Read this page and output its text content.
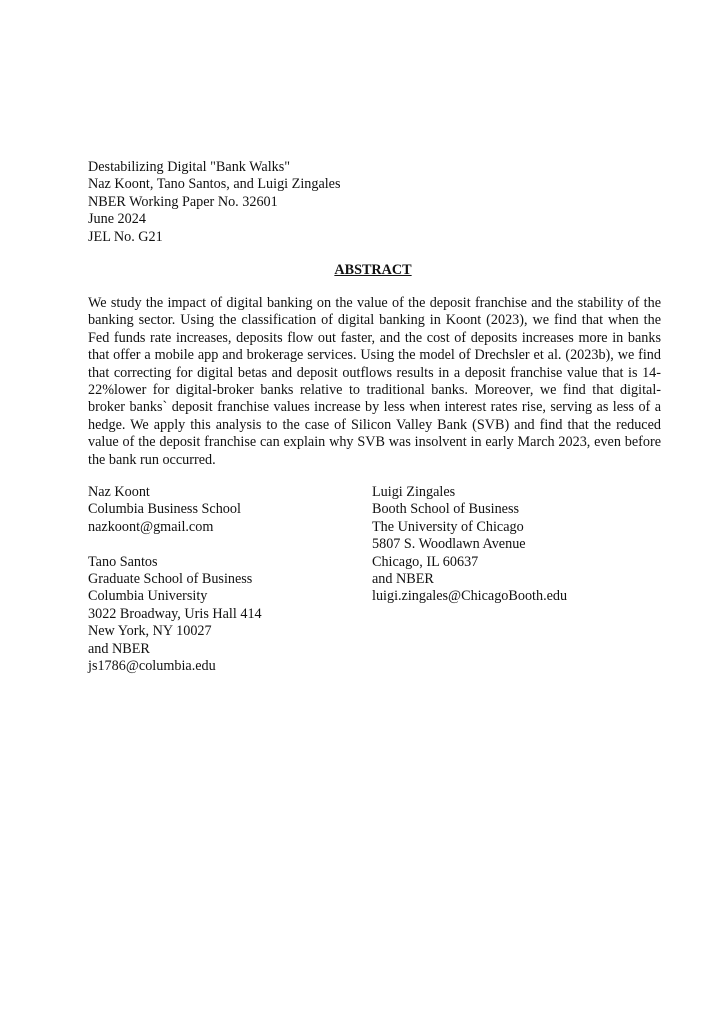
Destabilizing Digital "Bank Walks"
Naz Koont, Tano Santos, and Luigi Zingales
NBER Working Paper No. 32601
June 2024
JEL No. G21
ABSTRACT

We study the impact of digital banking on the value of the deposit franchise and the stability of the banking sector. Using the classification of digital banking in Koont (2023), we find that when the Fed funds rate increases, deposits flow out faster, and the cost of deposits increases more in banks that offer a mobile app and brokerage services. Using the model of Drechsler et al. (2023b), we find that correcting for digital betas and deposit outflows results in a deposit franchise value that is 14-22%lower for digital-broker banks relative to traditional banks. Moreover, we find that digital-broker banks` deposit franchise values increase by less when interest rates rise, serving as less of a hedge. We apply this analysis to the case of Silicon Valley Bank (SVB) and find that the reduced value of the deposit franchise can explain why SVB was insolvent in early March 2023, even before the bank run occurred.

Naz Koont
Columbia Business School
nazkoont@gmail.com
Tano Santos
Graduate School of Business
Columbia University
3022 Broadway, Uris Hall 414
New York, NY 10027
and NBER
js1786@columbia.edu
Luigi Zingales
Booth School of Business
The University of Chicago
5807 S. Woodlawn Avenue
Chicago, IL 60637
and NBER
luigi.zingales@ChicagoBooth.edu
